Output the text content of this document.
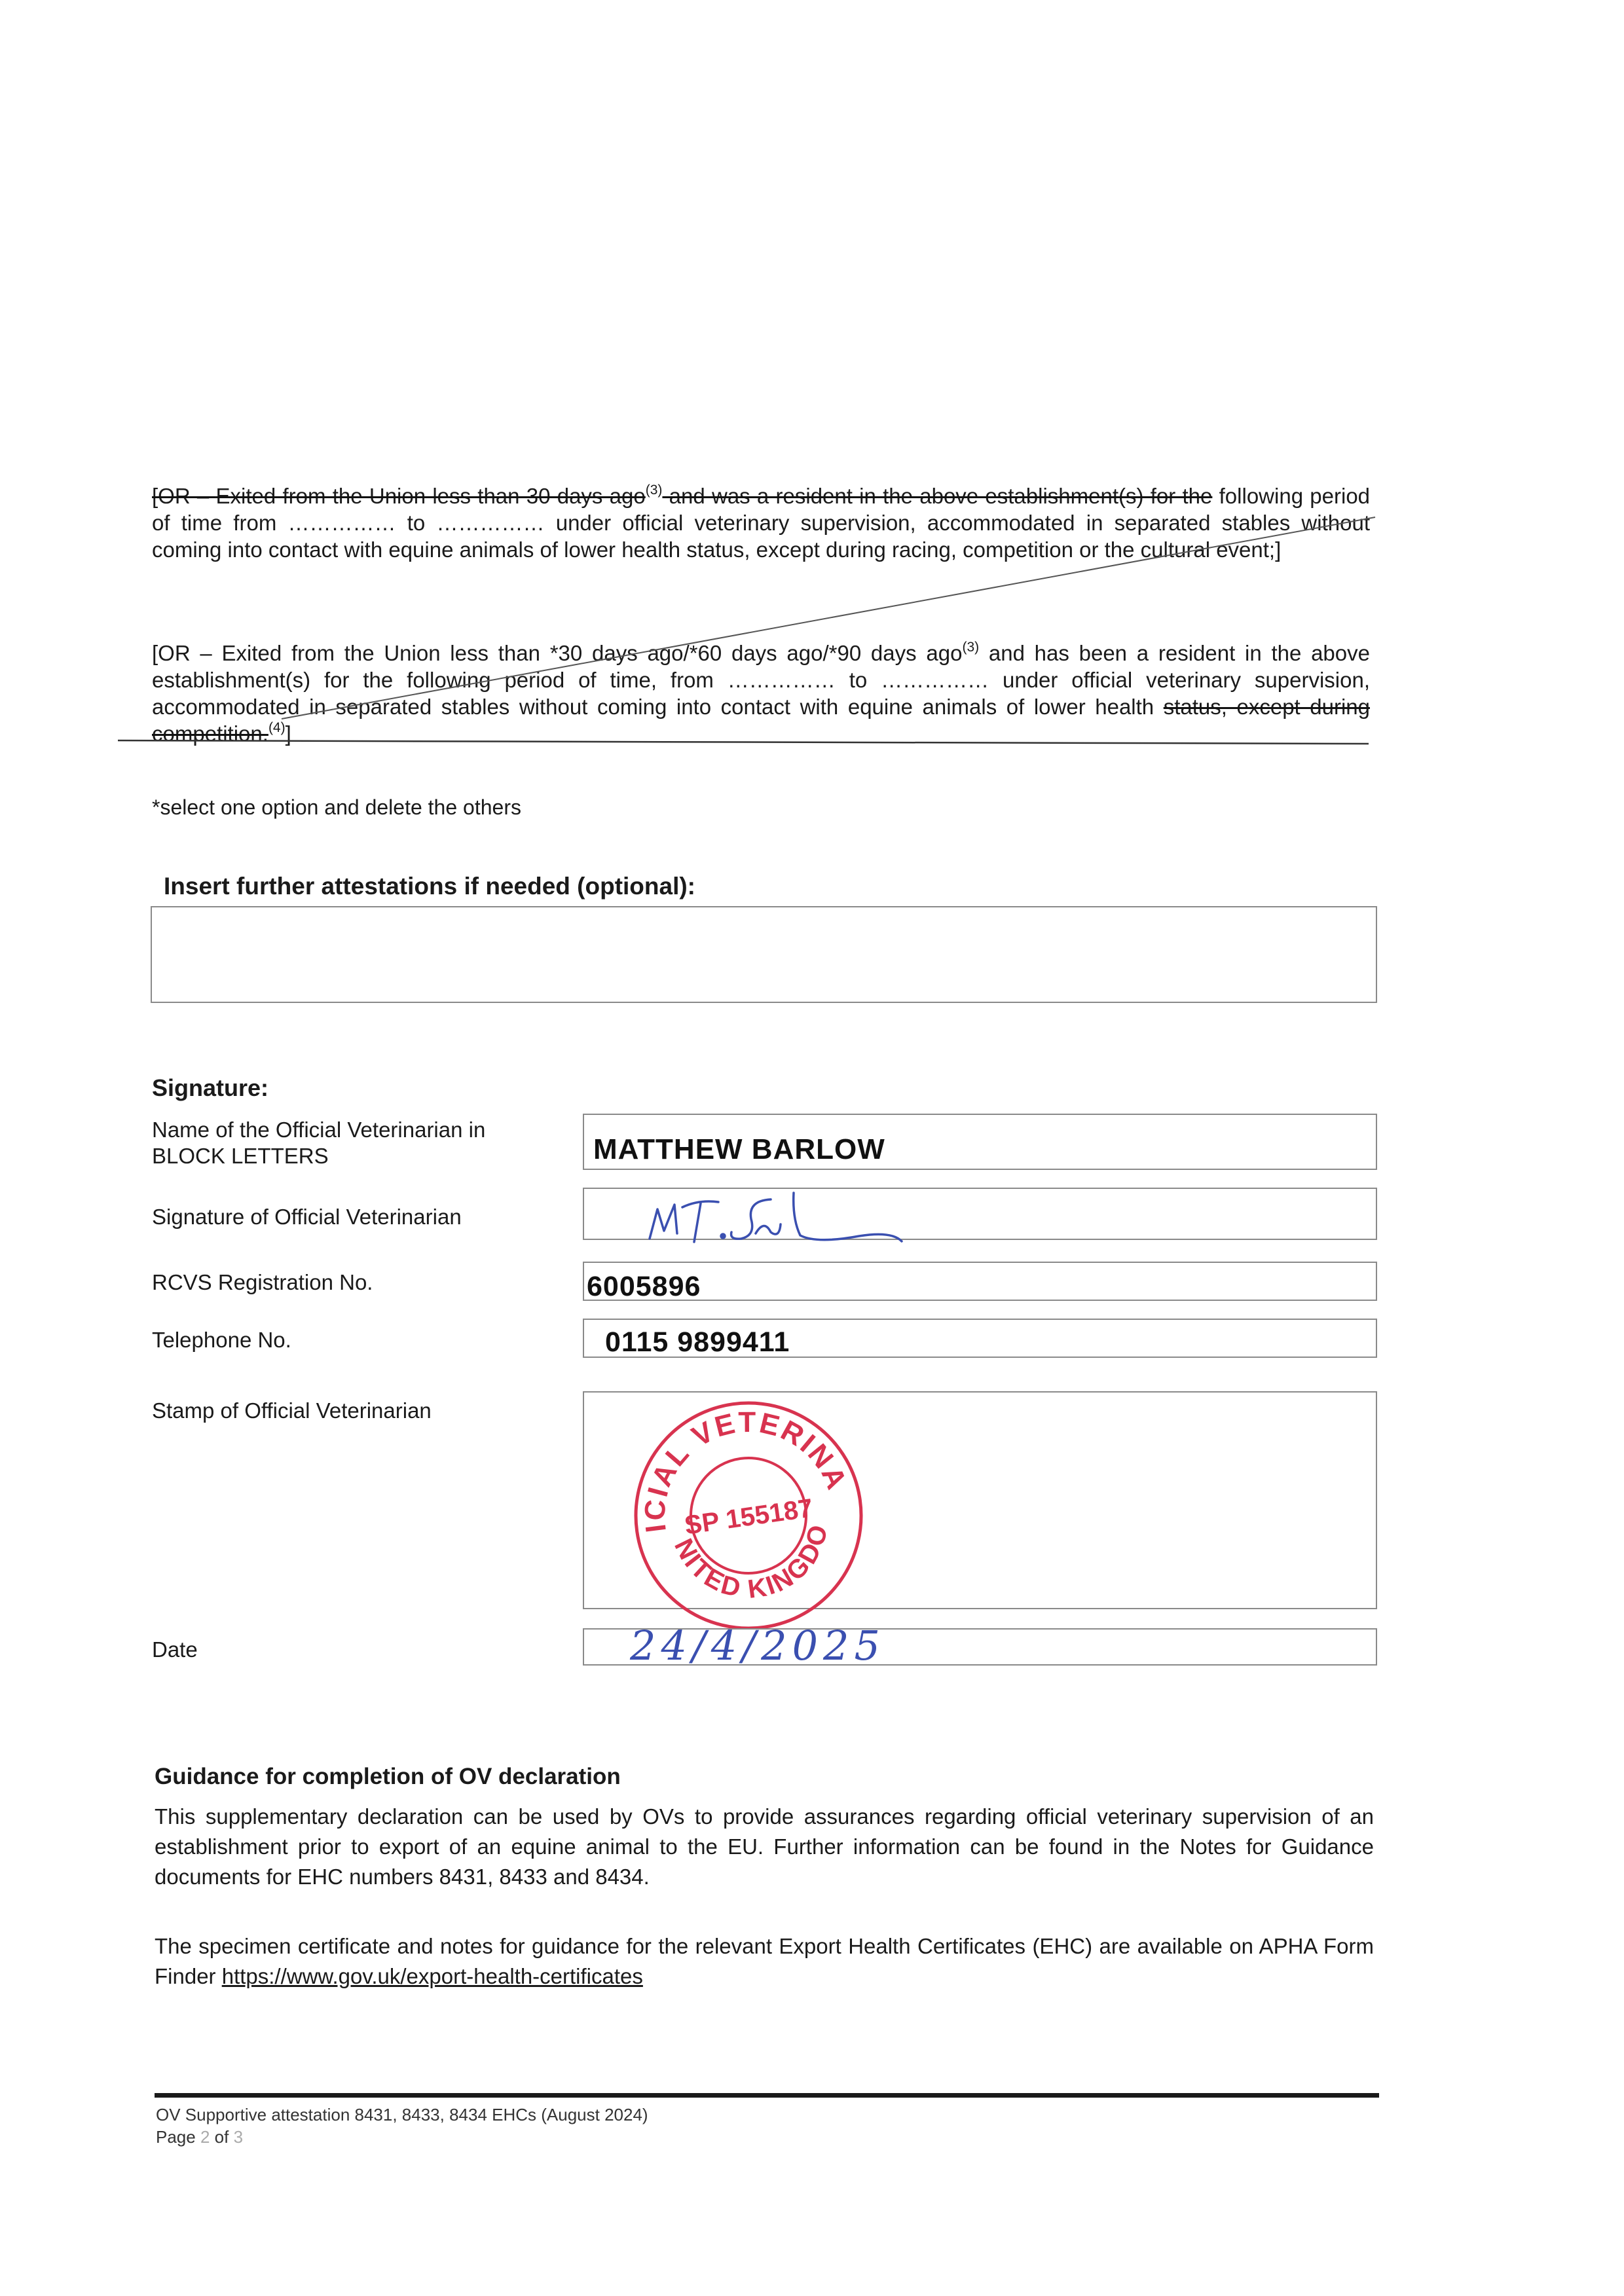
[OR – Exited from the Union less than 30 days ago$^{(3)}$ and was a resident in the above establishment(s) for the following period of time from …………… to …………… under official veterinary supervision, accommodated in separated stables without coming into contact with equine animals of lower health status, except during racing, competition or the cultural event;]
[OR – Exited from the Union less than *30 days ago/*60 days ago/*90 days ago$^{(3)}$ and has been a resident in the above establishment(s) for the following period of time, from …………… to …………… under official veterinary supervision, accommodated in separated stables without coming into contact with equine animals of lower health status, except during competition.$^{(4)}$]
*select one option and delete the others
Insert further attestations if needed (optional):
Signature:
Name of the Official Veterinarian in
BLOCK LETTERS	MATTHEW BARLOW
Signature of Official Veterinarian
RCVS Registration No.	6005896
Telephone No.	0115 9899411
Stamp of Official Veterinarian	OFFICIAL VETERINARIAN
UNITED KINGDOM
SP 155187
Date	24/4/2025
Guidance for completion of OV declaration
This supplementary declaration can be used by OVs to provide assurances regarding official veterinary supervision of an establishment prior to export of an equine animal to the EU. Further information can be found in the Notes for Guidance documents for EHC numbers 8431, 8433 and 8434.
The specimen certificate and notes for guidance for the relevant Export Health Certificates (EHC) are available on APHA Form Finder https://www.gov.uk/export-health-certificates
OV Supportive attestation 8431, 8433, 8434 EHCs (August 2024)
Page 2 of 3
